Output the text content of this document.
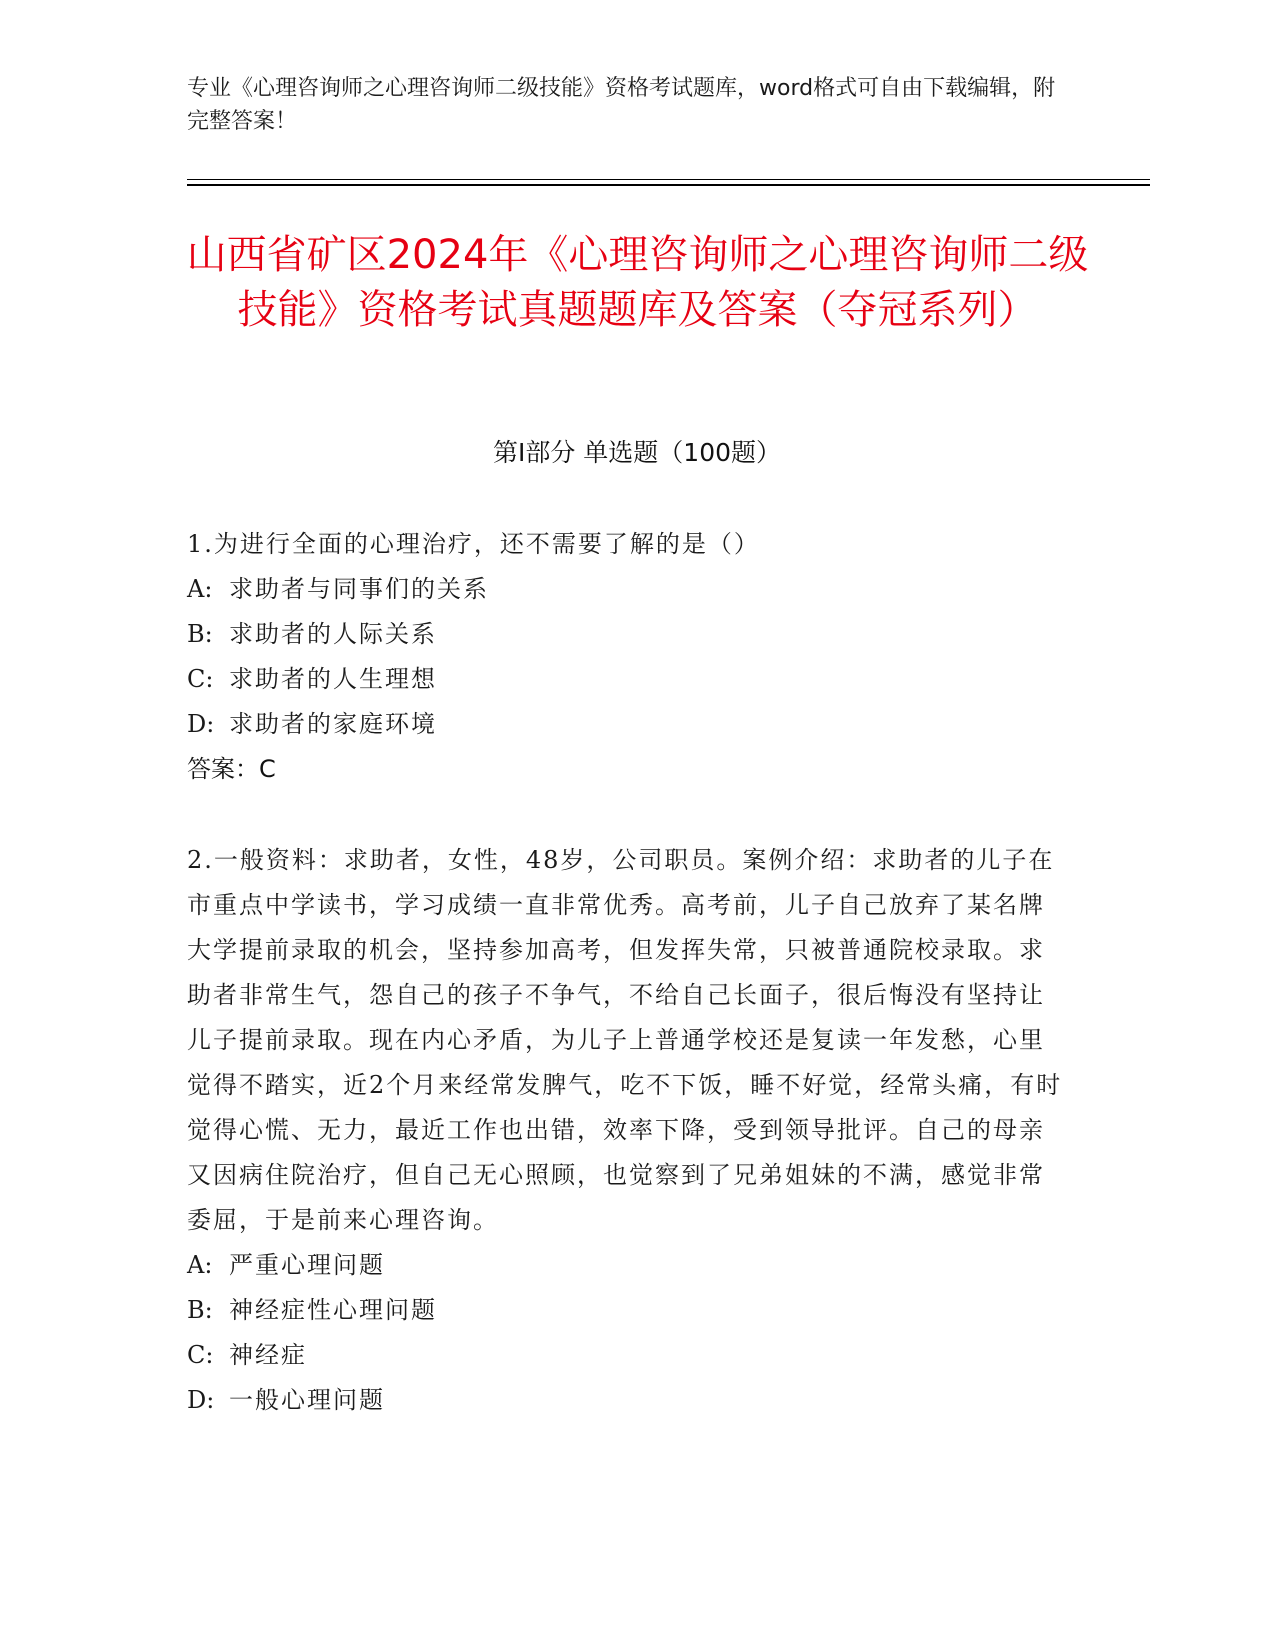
专业《心理咨询师之心理咨询师二级技能》资格考试题库，word格式可自由下载编辑，附完整答案！

山西省矿区2024年《心理咨询师之心理咨询师二级技能》资格考试真题题库及答案（夺冠系列）
第Ⅰ部分 单选题（100题）

1.为进行全面的心理治疗，还不需要了解的是（）

A: 求助者与同事们的关系

B: 求助者的人际关系

C: 求助者的人生理想

D: 求助者的家庭环境

答案：C

2.一般资料：求助者，女性，48岁，公司职员。案例介绍：求助者的儿子在市重点中学读书，学习成绩一直非常优秀。高考前，儿子自己放弃了某名牌大学提前录取的机会，坚持参加高考，但发挥失常，只被普通院校录取。求助者非常生气，怨自己的孩子不争气，不给自己长面子，很后悔没有坚持让儿子提前录取。现在内心矛盾，为儿子上普通学校还是复读一年发愁，心里觉得不踏实，近2个月来经常发脾气，吃不下饭，睡不好觉，经常头痛，有时觉得心慌、无力，最近工作也出错，效率下降，受到领导批评。自己的母亲又因病住院治疗，但自己无心照顾，也觉察到了兄弟姐妹的不满，感觉非常委屈，于是前来心理咨询。

A: 严重心理问题

B: 神经症性心理问题

C: 神经症

D: 一般心理问题
